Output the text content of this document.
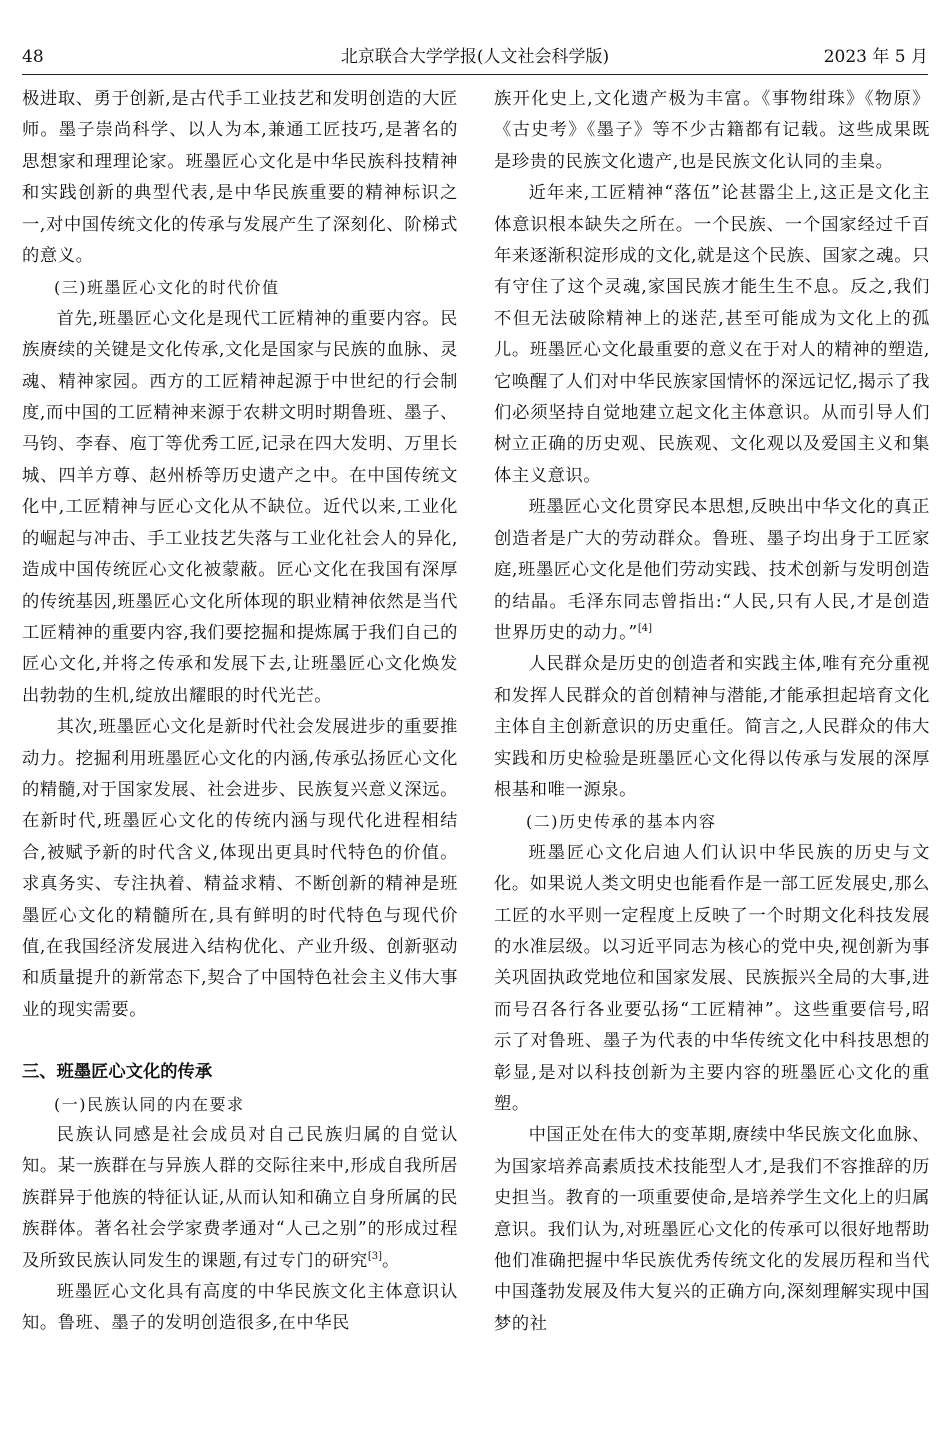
48	北京联合大学学报(人文社会科学版)	2023 年 5 月

极进取、勇于创新,是古代手工业技艺和发明创造的大匠师。墨子崇尚科学、以人为本,兼通工匠技巧,是著名的思想家和理理论家。班墨匠心文化是中华民族科技精神和实践创新的典型代表,是中华民族重要的精神标识之一,对中国传统文化的传承与发展产生了深刻化、阶梯式的意义。

(三)班墨匠心文化的时代价值

首先,班墨匠心文化是现代工匠精神的重要内容。民族赓续的关键是文化传承,文化是国家与民族的血脉、灵魂、精神家园。西方的工匠精神起源于中世纪的行会制度,而中国的工匠精神来源于农耕文明时期鲁班、墨子、马钧、李春、庖丁等优秀工匠,记录在四大发明、万里长城、四羊方尊、赵州桥等历史遗产之中。在中国传统文化中,工匠精神与匠心文化从不缺位。近代以来,工业化的崛起与冲击、手工业技艺失落与工业化社会人的异化,造成中国传统匠心文化被蒙蔽。匠心文化在我国有深厚的传统基因,班墨匠心文化所体现的职业精神依然是当代工匠精神的重要内容,我们要挖掘和提炼属于我们自己的匠心文化,并将之传承和发展下去,让班墨匠心文化焕发出勃勃的生机,绽放出耀眼的时代光芒。

其次,班墨匠心文化是新时代社会发展进步的重要推动力。挖掘利用班墨匠心文化的内涵,传承弘扬匠心文化的精髓,对于国家发展、社会进步、民族复兴意义深远。在新时代,班墨匠心文化的传统内涵与现代化进程相结合,被赋予新的时代含义,体现出更具时代特色的价值。求真务实、专注执着、精益求精、不断创新的精神是班墨匠心文化的精髓所在,具有鲜明的时代特色与现代价值,在我国经济发展进入结构优化、产业升级、创新驱动和质量提升的新常态下,契合了中国特色社会主义伟大事业的现实需要。

三、班墨匠心文化的传承
(一)民族认同的内在要求

民族认同感是社会成员对自己民族归属的自觉认知。某一族群在与异族人群的交际往来中,形成自我所居族群异于他族的特征认证,从而认知和确立自身所属的民族群体。著名社会学家费孝通对“人己之别”的形成过程及所致民族认同发生的课题,有过专门的研究[3]。

班墨匠心文化具有高度的中华民族文化主体意识认知。鲁班、墨子的发明创造很多,在中华民

族开化史上,文化遗产极为丰富。《事物绀珠》《物原》《古史考》《墨子》等不少古籍都有记载。这些成果既是珍贵的民族文化遗产,也是民族文化认同的圭臬。

近年来,工匠精神“落伍”论甚嚣尘上,这正是文化主体意识根本缺失之所在。一个民族、一个国家经过千百年来逐渐积淀形成的文化,就是这个民族、国家之魂。只有守住了这个灵魂,家国民族才能生生不息。反之,我们不但无法破除精神上的迷茫,甚至可能成为文化上的孤儿。班墨匠心文化最重要的意义在于对人的精神的塑造,它唤醒了人们对中华民族家国情怀的深远记忆,揭示了我们必须坚持自觉地建立起文化主体意识。从而引导人们树立正确的历史观、民族观、文化观以及爱国主义和集体主义意识。

班墨匠心文化贯穿民本思想,反映出中华文化的真正创造者是广大的劳动群众。鲁班、墨子均出身于工匠家庭,班墨匠心文化是他们劳动实践、技术创新与发明创造的结晶。毛泽东同志曾指出:“人民,只有人民,才是创造世界历史的动力。”[4]

人民群众是历史的创造者和实践主体,唯有充分重视和发挥人民群众的首创精神与潜能,才能承担起培育文化主体自主创新意识的历史重任。简言之,人民群众的伟大实践和历史检验是班墨匠心文化得以传承与发展的深厚根基和唯一源泉。

(二)历史传承的基本内容

班墨匠心文化启迪人们认识中华民族的历史与文化。如果说人类文明史也能看作是一部工匠发展史,那么工匠的水平则一定程度上反映了一个时期文化科技发展的水准层级。以习近平同志为核心的党中央,视创新为事关巩固执政党地位和国家发展、民族振兴全局的大事,进而号召各行各业要弘扬“工匠精神”。这些重要信号,昭示了对鲁班、墨子为代表的中华传统文化中科技思想的彰显,是对以科技创新为主要内容的班墨匠心文化的重塑。

中国正处在伟大的变革期,赓续中华民族文化血脉、为国家培养高素质技术技能型人才,是我们不容推辞的历史担当。教育的一项重要使命,是培养学生文化上的归属意识。我们认为,对班墨匠心文化的传承可以很好地帮助他们准确把握中华民族优秀传统文化的发展历程和当代中国蓬勃发展及伟大复兴的正确方向,深刻理解实现中国梦的社
